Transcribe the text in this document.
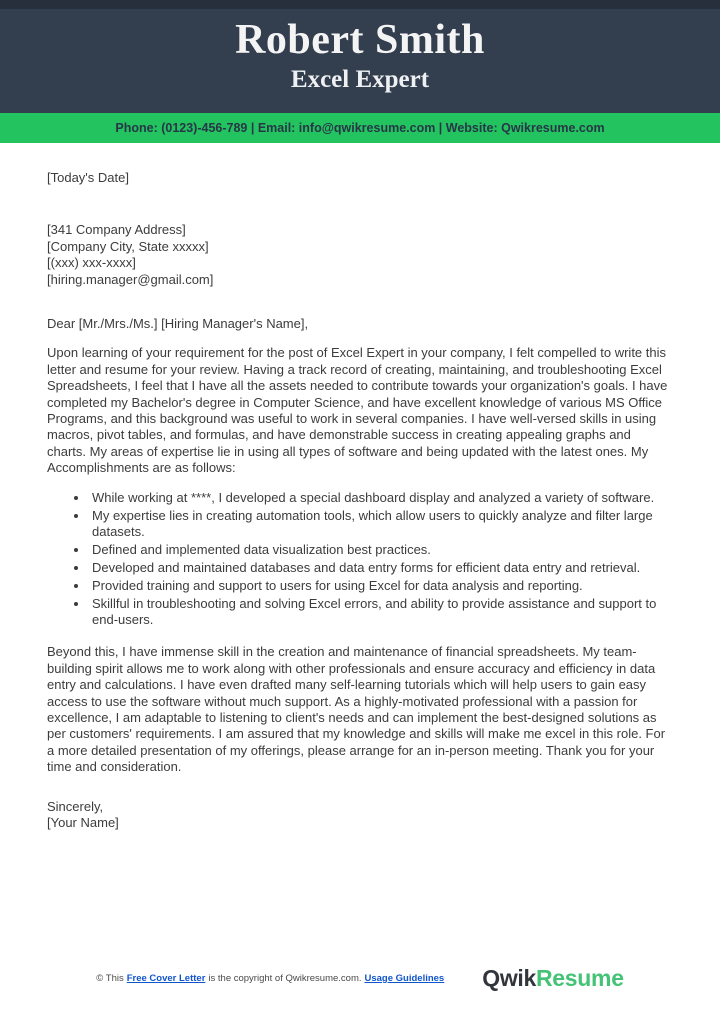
Robert Smith
Excel Expert
Phone: (0123)-456-789 | Email: info@qwikresume.com | Website: Qwikresume.com
[Today's Date]
[341 Company Address]
[Company City, State xxxxx]
[(xxx) xxx-xxxx]
[hiring.manager@gmail.com]
Dear [Mr./Mrs./Ms.] [Hiring Manager's Name],

Upon learning of your requirement for the post of Excel Expert in your company, I felt compelled to write this letter and resume for your review. Having a track record of creating, maintaining, and troubleshooting Excel Spreadsheets, I feel that I have all the assets needed to contribute towards your organization's goals. I have completed my Bachelor's degree in Computer Science, and have excellent knowledge of various MS Office Programs, and this background was useful to work in several companies. I have well-versed skills in using macros, pivot tables, and formulas, and have demonstrable success in creating appealing graphs and charts. My areas of expertise lie in using all types of software and being updated with the latest ones. My Accomplishments are as follows:

• While working at ****, I developed a special dashboard display and analyzed a variety of software.
• My expertise lies in creating automation tools, which allow users to quickly analyze and filter large datasets.
• Defined and implemented data visualization best practices.
• Developed and maintained databases and data entry forms for efficient data entry and retrieval.
• Provided training and support to users for using Excel for data analysis and reporting.
• Skillful in troubleshooting and solving Excel errors, and ability to provide assistance and support to end-users.

Beyond this, I have immense skill in the creation and maintenance of financial spreadsheets. My team-building spirit allows me to work along with other professionals and ensure accuracy and efficiency in data entry and calculations. I have even drafted many self-learning tutorials which will help users to gain easy access to use the software without much support. As a highly-motivated professional with a passion for excellence, I am adaptable to listening to client's needs and can implement the best-designed solutions as per customers' requirements. I am assured that my knowledge and skills will make me excel in this role. For a more detailed presentation of my offerings, please arrange for an in-person meeting. Thank you for your time and consideration.

Sincerely,
[Your Name]
© This Free Cover Letter is the copyright of Qwikresume.com. Usage Guidelines QwikResume
